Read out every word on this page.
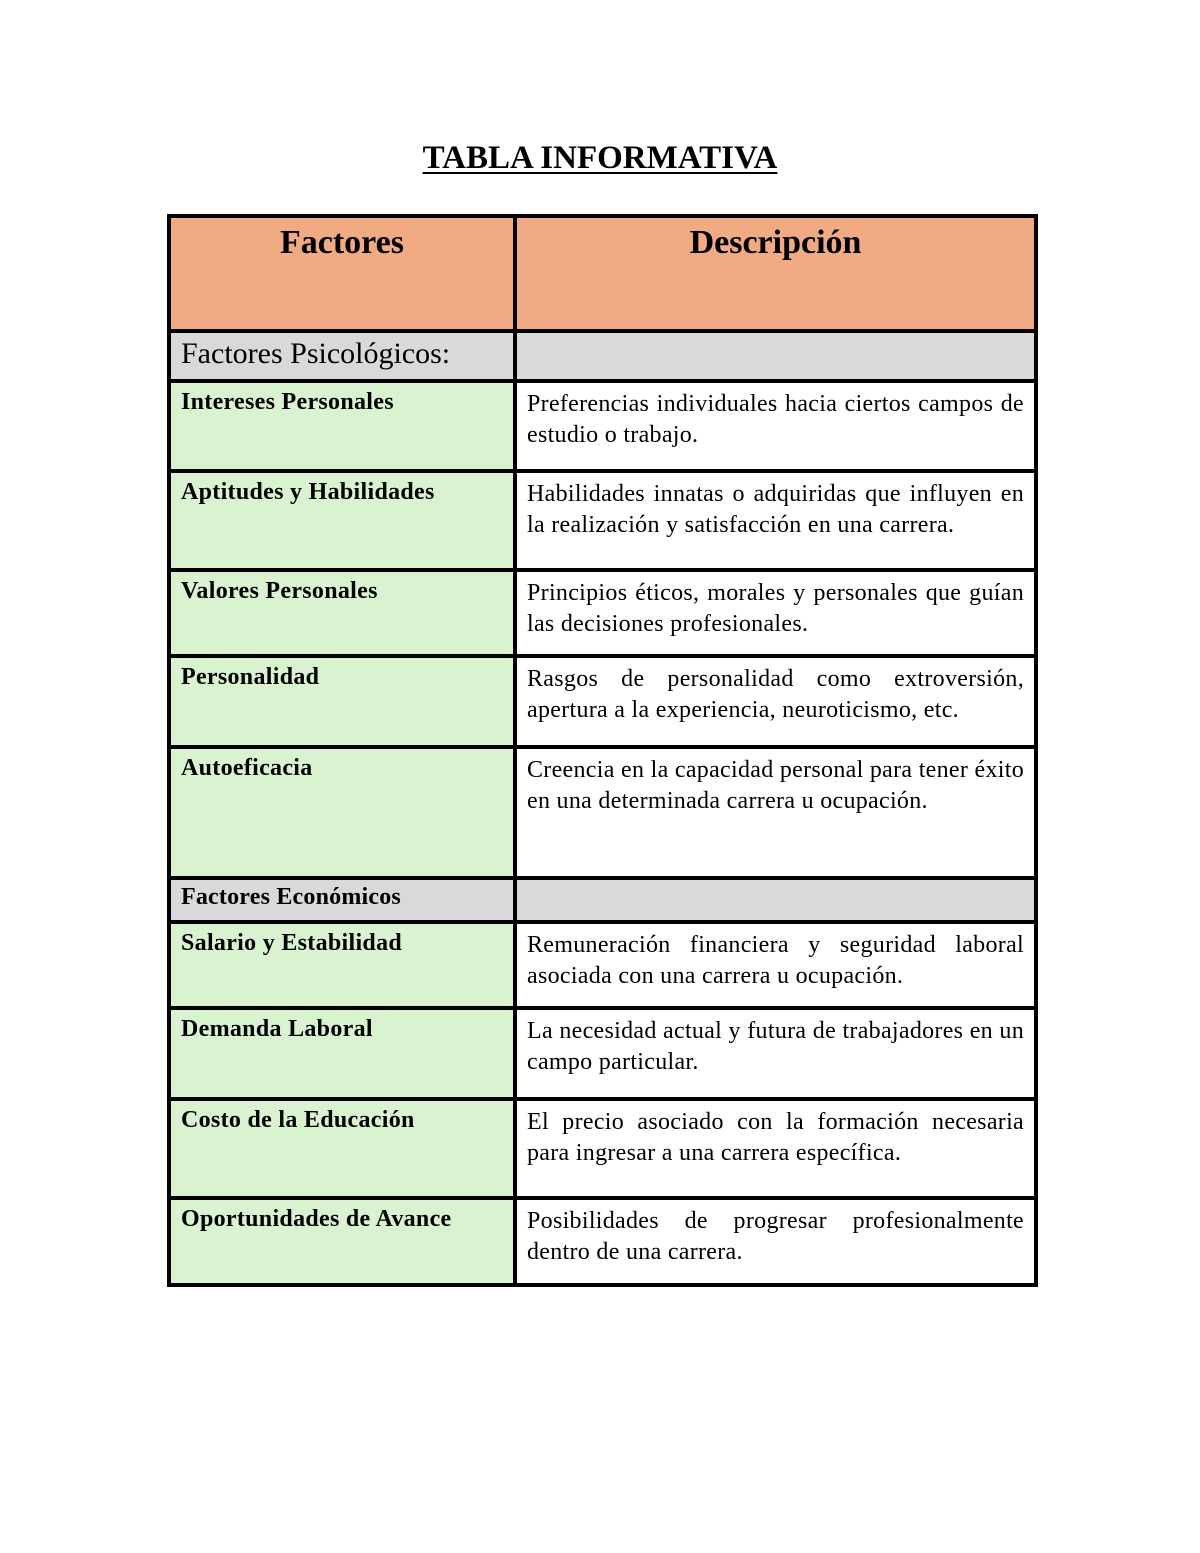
TABLA INFORMATIVA
Factores	Descripción
Factores Psicológicos:	
Intereses Personales	Preferencias individuales hacia ciertos campos de estudio o trabajo.
Aptitudes y Habilidades	Habilidades innatas o adquiridas que influyen en la realización y satisfacción en una carrera.
Valores Personales	Principios éticos, morales y personales que guían las decisiones profesionales.
Personalidad	Rasgos de personalidad como extroversión, apertura a la experiencia, neuroticismo, etc.
Autoeficacia	Creencia en la capacidad personal para tener éxito en una determinada carrera u ocupación.
Factores Económicos	
Salario y Estabilidad	Remuneración financiera y seguridad laboral asociada con una carrera u ocupación.
Demanda Laboral	La necesidad actual y futura de trabajadores en un campo particular.
Costo de la Educación	El precio asociado con la formación necesaria para ingresar a una carrera específica.
Oportunidades de Avance	Posibilidades de progresar profesionalmente dentro de una carrera.
